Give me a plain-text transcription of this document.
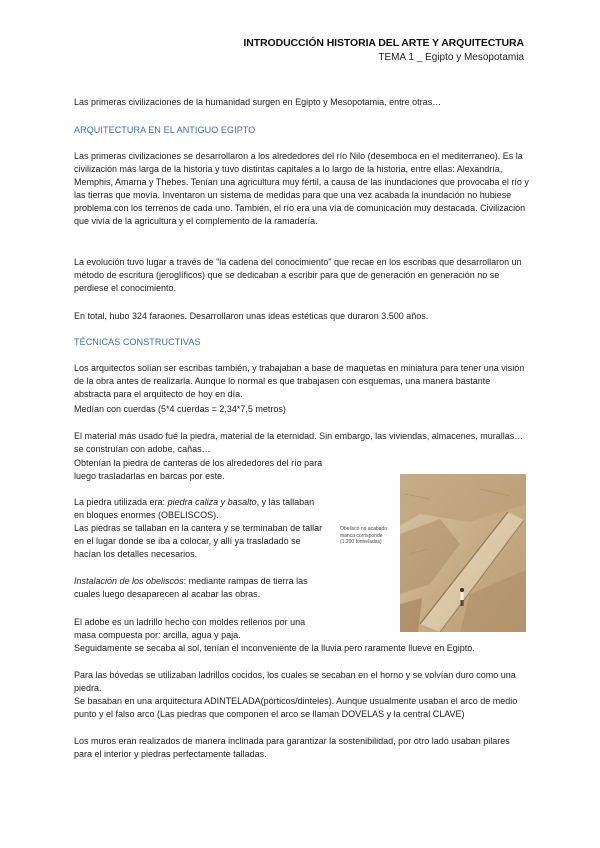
INTRODUCCIÓN HISTORIA DEL ARTE Y ARQUITECTURA
TEMA 1 _ Egipto y Mesopotamia

Las primeras civilizaciones de la humanidad surgen en Egipto y Mesopotamia, entre otras…

ARQUITECTURA EN EL ANTIGUO EGIPTO

Las primeras civilizaciones se desarrollaron a los alrededores del río Nilo (desemboca en el mediterraneo). Es la civilización más larga de la historia y tuvo distintas capitales a lo largo de la historia, entre ellas: Alexandría, Memphis, Amarna y Thebes. Tenían una agricultura muy fértil, a causa de las inundaciones que provocaba el río y las tierras que movía. Inventaron un sistema de medidas para que una vez acabada la inundación no hubiese problema con los terrenos de cada uno. También, el río era una vía de comunicación muy destacada. Civilización que vivía de la agricultura y el complemento de la ramadería.

La evolución tuvo lugar a través de "la cadena del conocimiento" que recae en los escribas que desarrollaron un método de escritura (jeroglíficos) que se dedicaban a escribir para que de generación en generación no se perdiese el conocimiento.

En total, hubo 324 faraones. Desarrollaron unas ideas estéticas que duraron 3.500 años.

TÉCNICAS CONSTRUCTIVAS

Los arquitectos solían ser escribas también, y trabajaban a base de maquetas en miniatura para tener una visión de la obra antes de realizarla. Aunque lo normal es que trabajasen con esquemas, una manera bastante abstracta para el arquitecto de hoy en día.

Medían con cuerdas (5*4 cuerdas = 2,34*7,5 metros)

El material más usado fué la piedra, material de la eternidad. Sin embargo, las viviendas, almacenes, murallas… se construían con adobe, cañas…

Obtenían la piedra de canteras de los alrededores del río para luego trasladarlas en barcas por este.

La piedra utilizada era: piedra caliza y basalto, y las tallaban en bloques enormes (OBELISCOS).

Las piedras se tallaban en la cantera y se terminaban de tallar en el lugar donde se iba a colocar, y allí ya trasladado se hacían los detalles necesarios.

Instalación de los obeliscos: mediante rampas de tierra las cuales luego desaparecen al acabar las obras.

El adobe es un ladrillo hecho con moldes rellenos por una masa compuesta por: arcilla, agua y paja.

Seguidamente se secaba al sol, tenían el inconveniente de la lluvia pero raramente llueve en Egipto.

Para las bóvedas se utilizaban ladrillos cocidos, los cuales se secaban en el horno y se volvían duro como una piedra.

Se basaban en una arquitectura ADINTELADA(pórticos/dinteles). Aunque usualmente usaban el arco de medio punto y el falso arco (Las piedras que componen el arco se llaman DOVELAS y la central CLAVE)

Los muros eran realizados de manera inclinada para garantizar la sostenibilidad, por otro lado usaban pilares para el interior y piedras perfectamente talladas.

Obelisco no acabado
manca corrisponde
(1.200 tonneladas)
